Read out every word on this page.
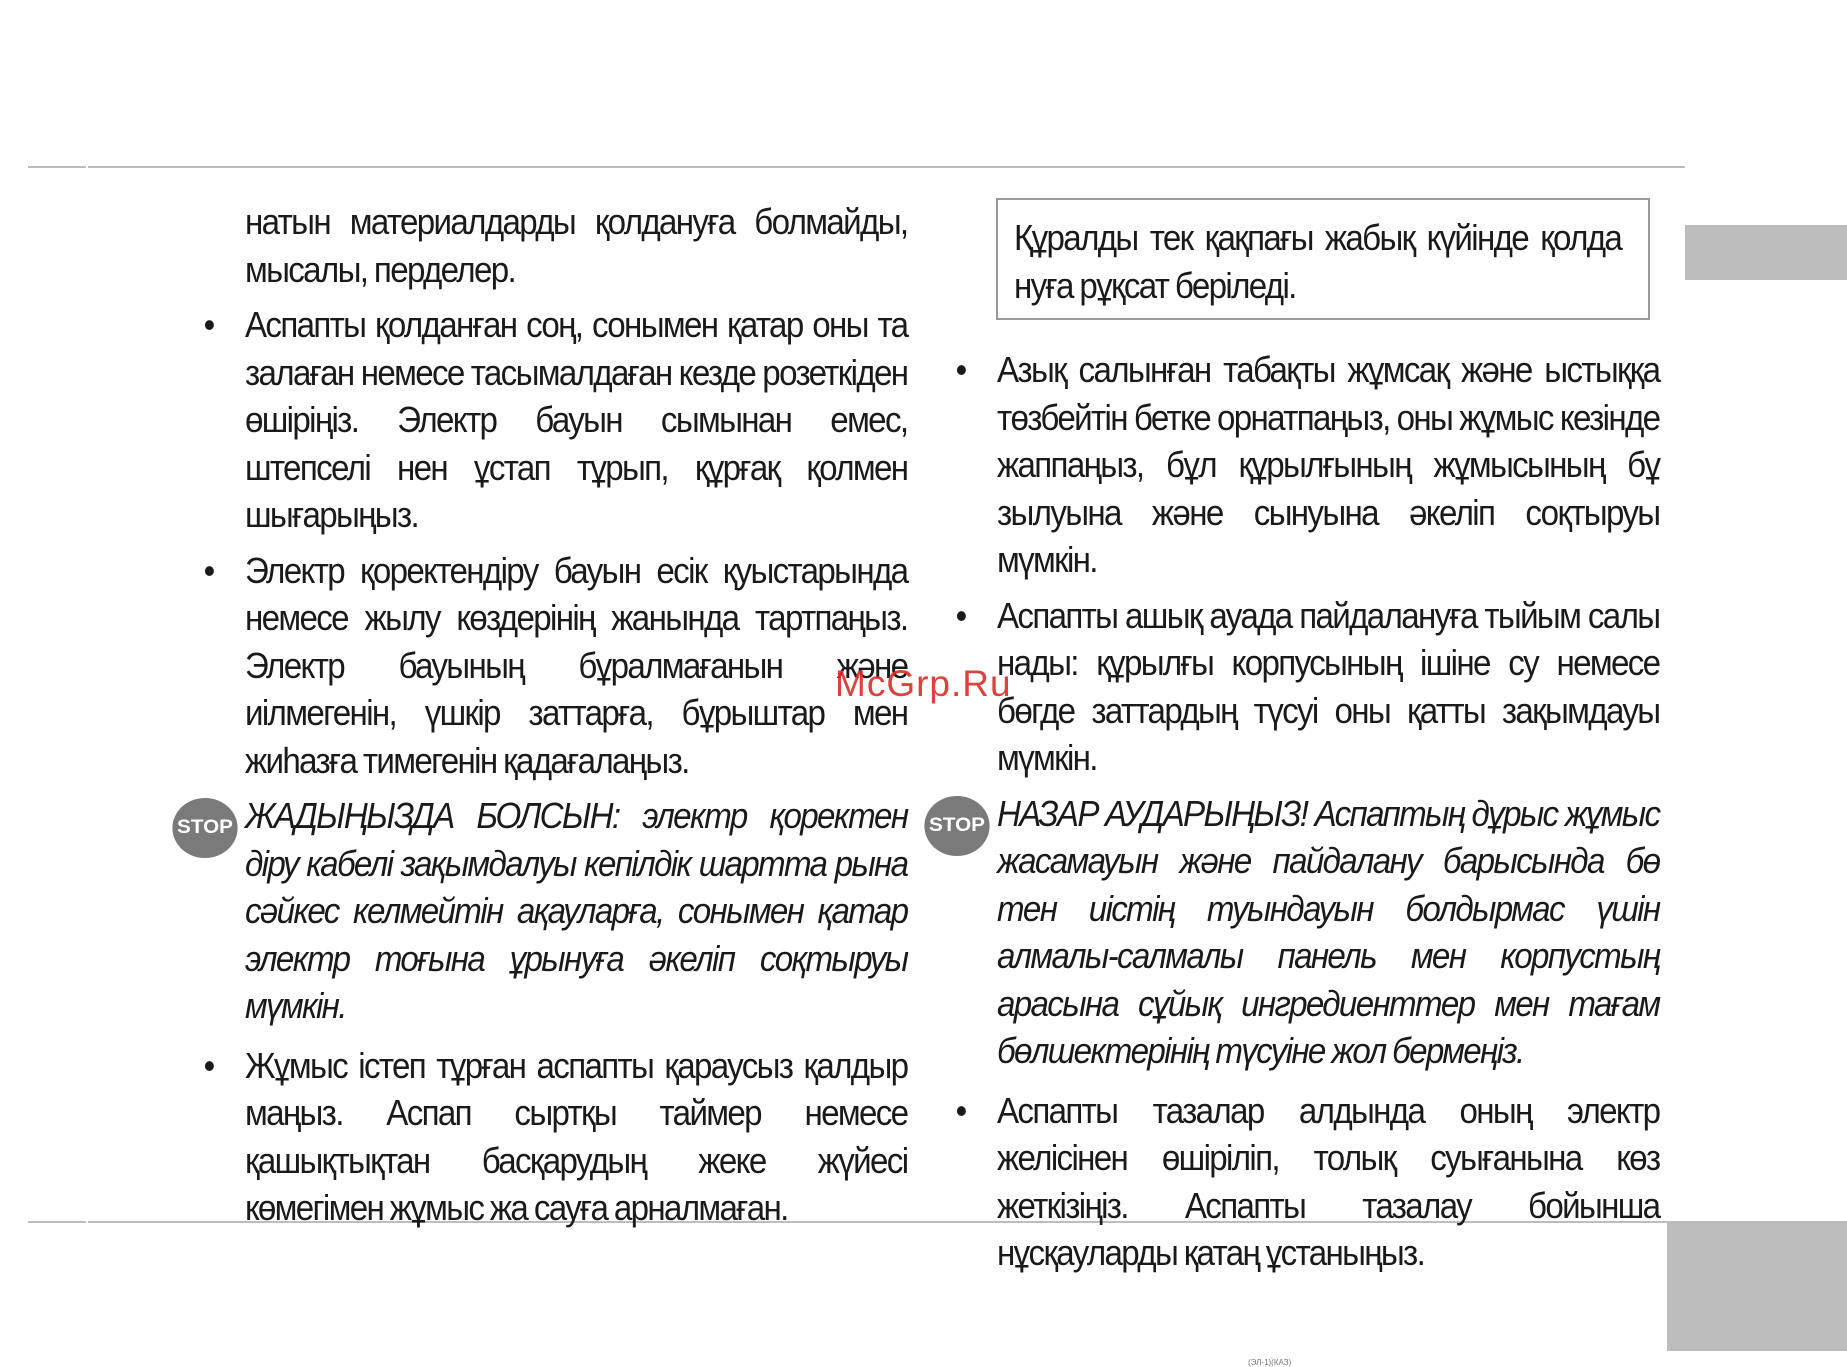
натын материалдарды қолдануға болмайды, мысалы, перделер.

• Аспапты қолданған соң, сонымен қатар оны та залаған немесе тасымалдаған кезде розеткіден өшіріңіз. Электр бауын сымынан емес, штепселі нен ұстап тұрып, құрғақ қолмен шығарыңыз.

• Электр қоректендіру бауын есік қуыстарында немесе жылу көздерінің жанында тартпаңыз. Электр бауының бұралмағанын және иілмегенін, үшкір заттарға, бұрыштар мен жиһазға тимегенін қадағалаңыз.

STOP ЖАДЫҢЫЗДА БОЛСЫН: электр қоректен діру кабелі зақымдалуы кепілдік шартта рына сәйкес келмейтін ақауларға, сонымен қатар электр тоғына ұрынуға әкеліп соқтыруы мүмкін.

• Жұмыс істеп тұрған аспапты қараусыз қалдыр маңыз. Аспап сыртқы таймер немесе қашықтықтан басқарудың жеке жүйесі көмегімен жұмыс жа сауға арналмаған.

Құралды тек қақпағы жабық күйінде қолда нуға рұқсат беріледі.

• Азық салынған табақты жұмсақ және ыстыққа төзбейтін бетке орнатпаңыз, оны жұмыс кезінде жаппаңыз, бұл құрылғының жұмысының бұ зылуына және сынуына әкеліп соқтыруы мүмкін.

• Аспапты ашық ауада пайдалануға тыйым салы нады: құрылғы корпусының ішіне су немесе бөгде заттардың түсуі оны қатты зақымдауы мүмкін.

STOP НАЗАР АУДАРЫҢЫЗ! Аспаптың дұрыс жұмыс жасамауын және пайдалану барысында бө тен иістің туындауын болдырмас үшін алмалы-салмалы панель мен корпустың арасына сұйық ингредиенттер мен тағам бөлшектерінің түсуіне жол бермеңіз.

• Аспапты тазалар алдында оның электр желісінен өшіріліп, толық суығанына көз жеткізіңіз. Аспапты тазалау бойынша нұсқауларды қатаң ұстаныңыз.

McGrp.Ru
(ЭЛ-1)(КАЗ)
